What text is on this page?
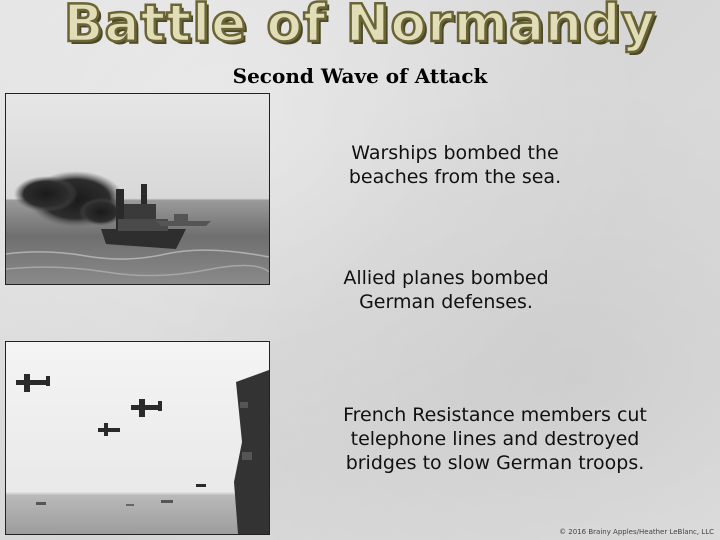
Battle of Normandy
Second Wave of Attack
Warships bombed the beaches from the sea.
Allied planes bombed German defenses.
French Resistance members cut telephone lines and destroyed bridges to slow German troops.
© 2016 Brainy Apples/Heather LeBlanc, LLC
